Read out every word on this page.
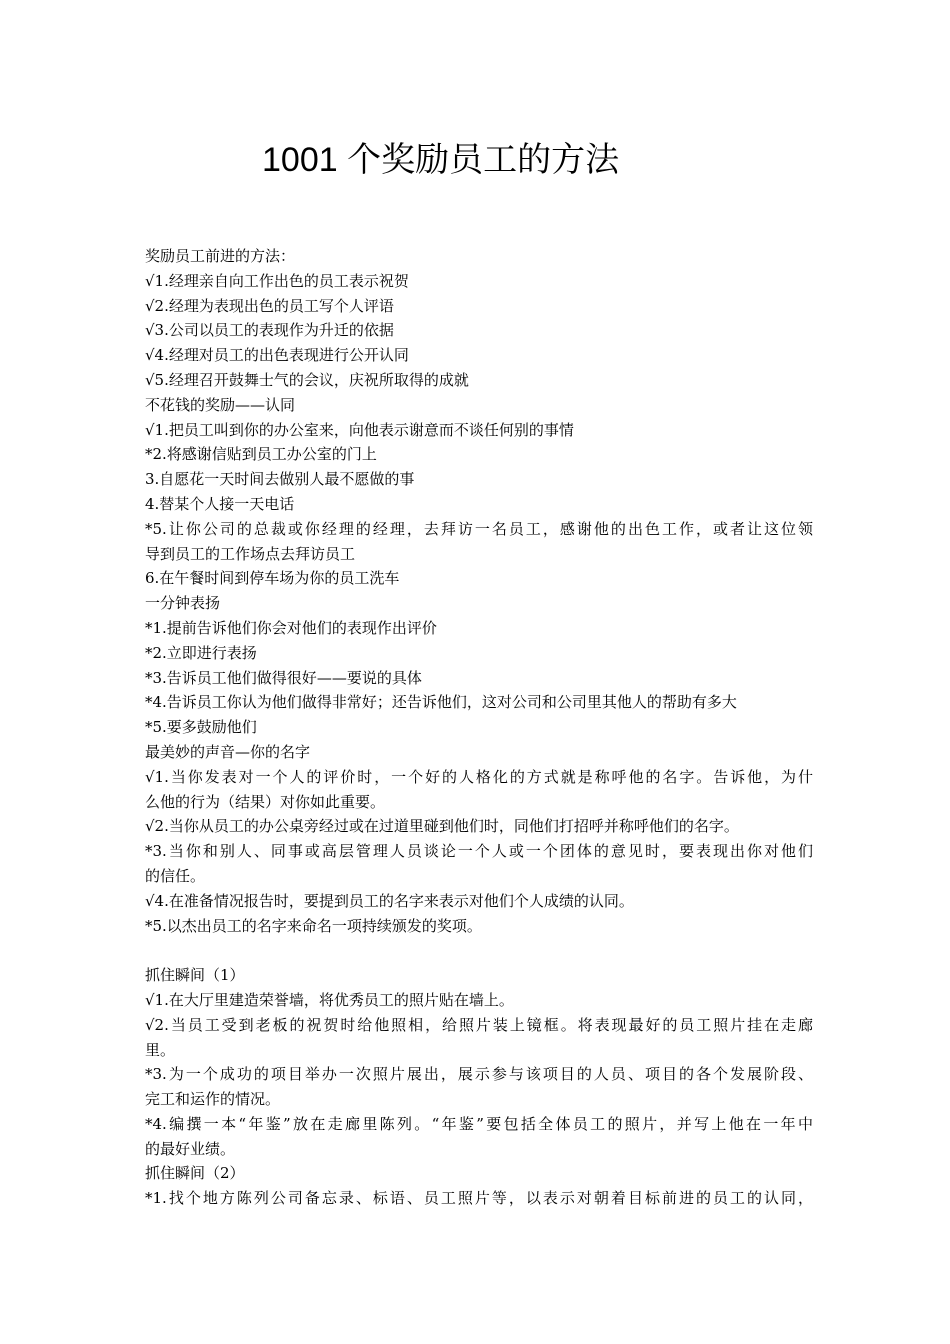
1001 个奖励员工的方法
奖励员工前进的方法：
√1.经理亲自向工作出色的员工表示祝贺
√2.经理为表现出色的员工写个人评语
√3.公司以员工的表现作为升迁的依据
√4.经理对员工的出色表现进行公开认同
√5.经理召开鼓舞士气的会议，庆祝所取得的成就
不花钱的奖励——认同
√1.把员工叫到你的办公室来，向他表示谢意而不谈任何别的事情
*2.将感谢信贴到员工办公室的门上
3.自愿花一天时间去做别人最不愿做的事
4.替某个人接一天电话
*5.让你公司的总裁或你经理的经理，去拜访一名员工，感谢他的出色工作，或者让这位领
导到员工的工作场点去拜访员工
6.在午餐时间到停车场为你的员工洗车
一分钟表扬
*1.提前告诉他们你会对他们的表现作出评价
*2.立即进行表扬
*3.告诉员工他们做得很好——要说的具体
*4.告诉员工你认为他们做得非常好；还告诉他们，这对公司和公司里其他人的帮助有多大
*5.要多鼓励他们
最美妙的声音—你的名字
√1.当你发表对一个人的评价时，一个好的人格化的方式就是称呼他的名字。告诉他，为什
么他的行为（结果）对你如此重要。
√2.当你从员工的办公桌旁经过或在过道里碰到他们时，同他们打招呼并称呼他们的名字。
*3.当你和别人、同事或高层管理人员谈论一个人或一个团体的意见时，要表现出你对他们
的信任。
√4.在准备情况报告时，要提到员工的名字来表示对他们个人成绩的认同。
*5.以杰出员工的名字来命名一项持续颁发的奖项。
抓住瞬间（1）
√1.在大厅里建造荣誉墙，将优秀员工的照片贴在墙上。
√2.当员工受到老板的祝贺时给他照相，给照片装上镜框。将表现最好的员工照片挂在走廊
里。
*3.为一个成功的项目举办一次照片展出，展示参与该项目的人员、项目的各个发展阶段、
完工和运作的情况。
*4.编撰一本“年鉴”放在走廊里陈列。“年鉴”要包括全体员工的照片，并写上他在一年中
的最好业绩。
抓住瞬间（2）
*1.找个地方陈列公司备忘录、标语、员工照片等，以表示对朝着目标前进的员工的认同，
